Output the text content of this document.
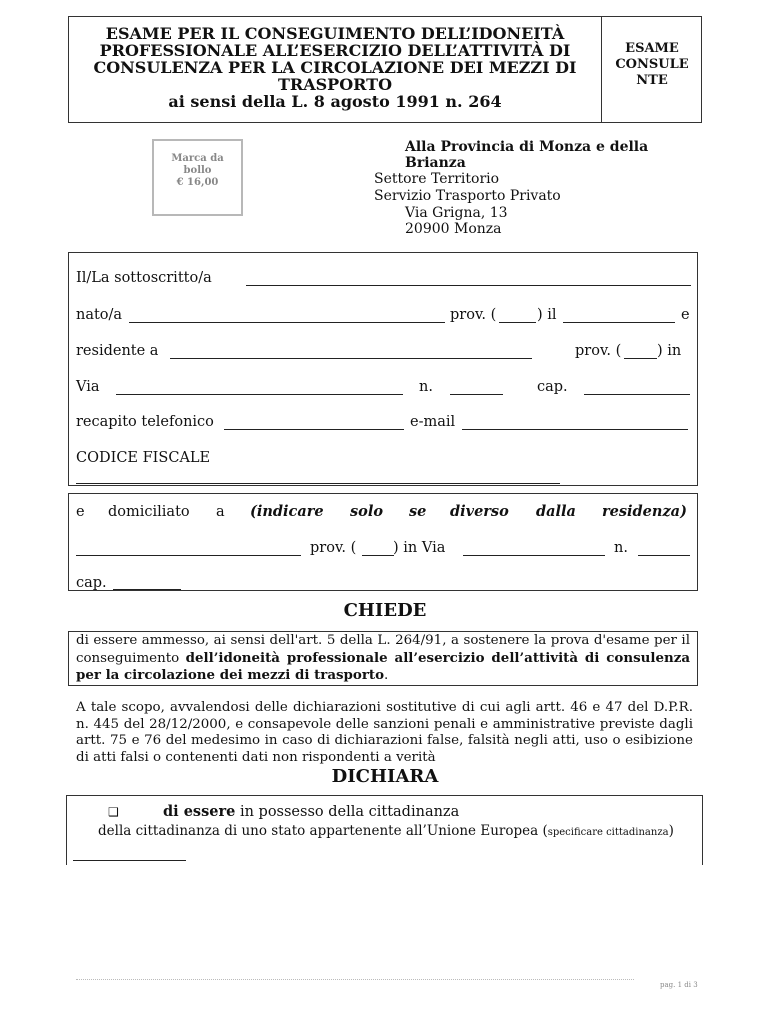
ESAME PER IL CONSEGUIMENTO DELL’IDONEITÀ
PROFESSIONALE ALL’ESERCIZIO DELL’ATTIVITÀ DI
CONSULENZA PER LA CIRCOLAZIONE DEI MEZZI DI
TRASPORTO
ai sensi della L. 8 agosto 1991 n. 264
ESAME
CONSULE
NTE
Marca da
bollo
€ 16,00
Alla Provincia di Monza e della
Brianza
Settore Territorio
Servizio Trasporto Privato
Via Grigna, 13
20900 Monza
Il/La sottoscritto/a
nato/a	prov. (	) il	e
residente a	prov. ( ) in
Via	n.	cap.
recapito telefonico	e-mail
CODICE FISCALE
e domiciliato a (indicare solo se diverso dalla residenza)
prov. (	) in Via	n.
cap.
CHIEDE
di essere ammesso, ai sensi dell'art. 5 della L. 264/91, a sostenere la prova d'esame per il conseguimento dell’idoneità professionale all’esercizio dell’attività di consulenza per la circolazione dei mezzi di trasporto.
A tale scopo, avvalendosi delle dichiarazioni sostitutive di cui agli artt. 46 e 47 del D.P.R. n. 445 del 28/12/2000, e consapevole delle sanzioni penali e amministrative previste dagli artt. 75 e 76 del medesimo in caso di dichiarazioni false, falsità negli atti, uso o esibizione di atti falsi o contenenti dati non rispondenti a verità
DICHIARA
❑	di essere in possesso della cittadinanza
della cittadinanza di uno stato appartenente all’Unione Europea (specificare cittadinanza)
pag. 1 di 3
